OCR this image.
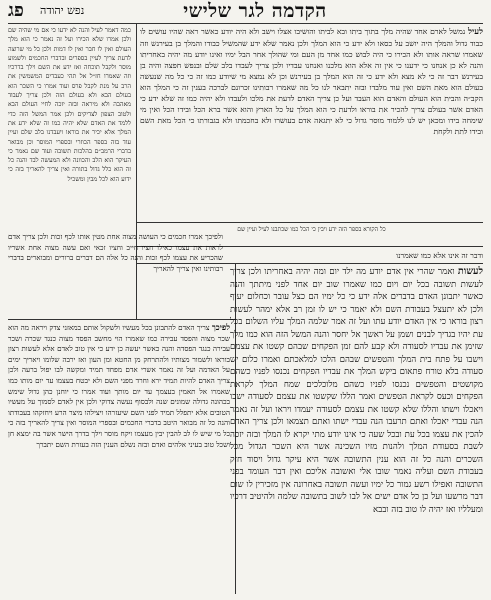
פג נפש יהודה	הקדמה לגר שלישי
לעיל נמשל לארם אחד שהיה מלך בתוך ביתו ובא לביתו והושיבו אצלו וישב ולא היה יודע כאשר ראה שהיו עושים לו כבוד גדול והמלך היה יושב על כסאו ולא ידע כי הוא המלך ולכן נאמר שלא ידע שהמשיל כבודו והמלך בן בעירנש וזה שאמרו שראה אותו ולא הכירו כי היה לבוש כמו אחד מן העם ומי שהולך אחר הבל ימיו ואינו יודע מה יהיה באחריתו והנה לא כן אנחנו כי ידענו כי אין זה אלא הוא מלכנו ואנחנו עבדיו ולכן צריך לעבדו בלב שלם ובנפש חפצה והיה בן בעירנש דבר זה כי לא מצא ולא ידע כי זה הוא המלך בן בעירנש וכן לא נמצא מי שיודע כמו זה כי כל מה שנעשה בעולם הוא מאת השם ואין עוד מלבדו ובזה יתבאר לנו כל מה שאמרו רבותינו זכרונם לברכה בענין זה כי המלך הוא הקב״ה והבית הוא העולם והאדם הוא העבד ועל כן צריך האדם לדעת את מלכו ולעבדו ולא יהיה כמו זה שלא ידע כי האדם אשר בעולם צריך להכיר את בוראו ולדעת כי הוא המלך על כל הארץ והוא אשר ברא הכל ובידו הכל ואין מי שימחה בידו ומכאן יש לנו ללמוד מוסר גדול כי לא יתגאה אדם בעושרו ולא בחכמתו ולא בגבורתו כי הכל מאת השם ובידו לתת ולקחת
כמה דאמר לעיל והנה לא ידעו כי אם מי שהיה שם ולכן אמרו שלא הכירו ועל זה נאמר כי הוא מלך העולם ואין לו חבר ואין לו דמות ולכן כל מי שרוצה לדעת צריך לעיין בספרים ובדברי החכמים ולשמוע מוסר ולקבל תוכחה ואז ידע את השם וילך בדרכיו וזה שאמרו חז״ל אל תהי כעבדים המשמשין את הרב על מנת לקבל פרס ועוד אמרו כי השכר הוא בעולם הבא ולא בעולם הזה ולכן צריך לעבוד מאהבה ולא מיראה ובזה יזכה לחיי העולם הבא ולטוב הצפון לצדיקים ולכן אמר המשל הזה כדי ללמד את האדם שלא יהיה כמו זה שלא ידע את המלך אלא יכיר את בוראו ויעבדנו בלב שלם ועיין עוד בזה בספר הכוזרי ובספרי המוסר וכן מבואר בדברי הרמב״ם בהלכות תשובה ועוד שם נאמר כי העיקר הוא הלב והכוונה ולא המעשה לבד והנה כל זה הוא כלל גדול בתורה ואין צריך להאריך בזה כי ידוע הוא לכל מבין ומשכיל
כל הקורא בספר הזה ידע ויבין כי הכל כמו שכתבנו לעיל ועיין שם
ודבר זה אינו אלא כמו שאמרנו
ולפיכך אמרו חכמים כי העושה מצוה אחת מטין אותו לכף זכות ולכן צריך אדם לראות את עצמו כאילו חציו חייב וחציו זכאי ואם עשה מצוה אחת אשריו שהכריע את עצמו לכף זכות והנה כל אלה הם דברים ברורים ומבוארים בדברי רבותינו ואין צריך להאריך	לעשות ואמר שהרי אין אדם יודע מה ילד יום ומה יהיה באחריתו ולכן צריך לעשות תשובה בכל יום ויום כמו שאמרו שוב יום אחד לפני מיתתך והנה כאשר יתבונן האדם בדברים אלה ידע כי כל ימיו הם כצל עובר וכחלום יעוף ולכן לא יתעצל בעבודת השם ולא יאמר כי יש לו זמן רב אלא ימהר לעשות רצון בוראו כי אין האדם יודע עתו ועל זה אמר שלמה המלך עליו השלום בכל עת יהיו בגדיך לבנים ושמן על ראשך אל יחסר והנה המשל הזה הוא כמו מלך שזימן את עבדיו לסעודה ולא קבע להם זמן הפקחים שבהם קשטו את עצמם וישבו על פתח בית המלך והטפשים שבהם הלכו למלאכתם ואמרו כלום יש סעודה בלא טורח פתאום ביקש המלך את עבדיו הפקחים נכנסו לפניו כשהם מקושטים והטפשים נכנסו לפניו כשהם מלוכלכים שמח המלך לקראת הפקחים וכעס לקראת הטפשים ואמר הללו שקשטו את עצמם לסעודה ישבו ויאכלו וישתו והללו שלא קשטו את עצמם לסעודה יעמדו ויראו ועל זה נאמר הנה עבדי יאכלו ואתם תרעבו הנה עבדי ישתו ואתם תצמאו ולכן צריך האדם להכין את עצמו בכל עת ובכל שעה כי אינו יודע מתי יקרא לו המלך ובזה יזכה לשבת בסעודת המלך ולהנות מזיו השכינה אשר היא השכר הגדול מכל השכרים והנה כל זה הוא ענין התשובה אשר היא עיקר גדול ויסוד חזק בעבודת השם ועליה נאמר שובו אלי ואשובה אליכם ואין דבר העומד בפני התשובה ואפילו רשע גמור כל ימיו ועשה תשובה באחרונה אין מזכירין לו שום דבר מרשעו ועל כן כל אדם ישים אל לבו לשוב בתשובה שלמה ולהיטיב דרכיו ומעלליו ואז יהיה לו טוב בזה ובבא
לפיכך צריך האדם להתבונן בכל מעשיו ולשקול אותם במאזני צדק ויראה מה הוא שכר מצוה והפסד עבירה כמו שאמרו הוי מחשב הפסד מצוה כנגד שכרה ושכר עבירה כנגד הפסדה והנה כאשר יעשה כן ידע כי אין טוב לאדם אלא לעשות רצון בוראו ולשמור מצותיו ולהתרחק מן החטא ומן העון ואז ירבה שלומו ויאריך ימים על האדמה ועל זה נאמר אשרי אדם מפחד תמיד ומקשה לבו יפול ברעה ולכן צריך האדם להיות תמיד ירא וחרד מפני השם ולא יבטח בעצמו עד יום מותו כמו שאמרו אל תאמין בעצמך עד יום מותך ועוד אמרו כי יוחנן כהן גדול שימש בכהונה גדולה שמונים שנה ולבסוף נעשה צדוקי ולכן אין לאדם לסמוך על מעשיו הטובים אלא יתפלל תמיד לפני השם שיעזרהו ויצילהו מיצר הרע ויחזקהו בעבודתו והנה כל זה מבואר היטב בדברי החכמים ובספרי המוסר ואין צריך להאריך בזה כי כל מי שיש לו לב להבין יבין מעצמו ויקח מוסר וילך בדרך הישר אשר בה ימצא חן ושכל טוב בעיני אלהים ואדם ובזה נשלם הענין הזה בעזרת השם יתברך
